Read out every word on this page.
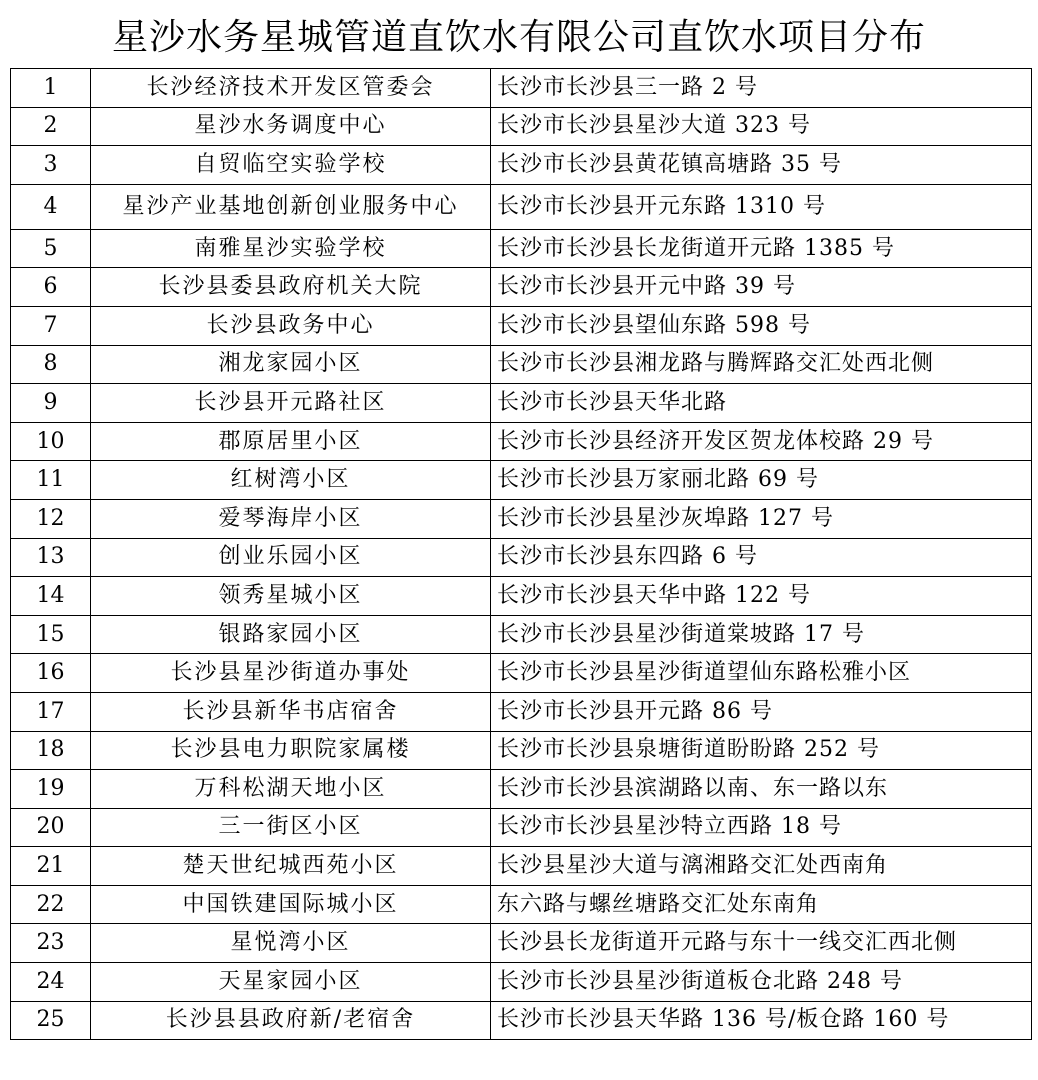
星沙水务星城管道直饮水有限公司直饮水项目分布
1	长沙经济技术开发区管委会	长沙市长沙县三一路 2 号
2	星沙水务调度中心	长沙市长沙县星沙大道 323 号
3	自贸临空实验学校	长沙市长沙县黄花镇高塘路 35 号
4	星沙产业基地创新创业服务中心	长沙市长沙县开元东路 1310 号
5	南雅星沙实验学校	长沙市长沙县长龙街道开元路 1385 号
6	长沙县委县政府机关大院	长沙市长沙县开元中路 39 号
7	长沙县政务中心	长沙市长沙县望仙东路 598 号
8	湘龙家园小区	长沙市长沙县湘龙路与腾辉路交汇处西北侧
9	长沙县开元路社区	长沙市长沙县天华北路
10	郡原居里小区	长沙市长沙县经济开发区贺龙体校路 29 号
11	红树湾小区	长沙市长沙县万家丽北路 69 号
12	爱琴海岸小区	长沙市长沙县星沙灰埠路 127 号
13	创业乐园小区	长沙市长沙县东四路 6 号
14	领秀星城小区	长沙市长沙县天华中路 122 号
15	银路家园小区	长沙市长沙县星沙街道棠坡路 17 号
16	长沙县星沙街道办事处	长沙市长沙县星沙街道望仙东路松雅小区
17	长沙县新华书店宿舍	长沙市长沙县开元路 86 号
18	长沙县电力职院家属楼	长沙市长沙县泉塘街道盼盼路 252 号
19	万科松湖天地小区	长沙市长沙县滨湖路以南、东一路以东
20	三一街区小区	长沙市长沙县星沙特立西路 18 号
21	楚天世纪城西苑小区	长沙县星沙大道与漓湘路交汇处西南角
22	中国铁建国际城小区	东六路与螺丝塘路交汇处东南角
23	星悦湾小区	长沙县长龙街道开元路与东十一线交汇西北侧
24	天星家园小区	长沙市长沙县星沙街道板仓北路 248 号
25	长沙县县政府新/老宿舍	长沙市长沙县天华路 136 号/板仓路 160 号
